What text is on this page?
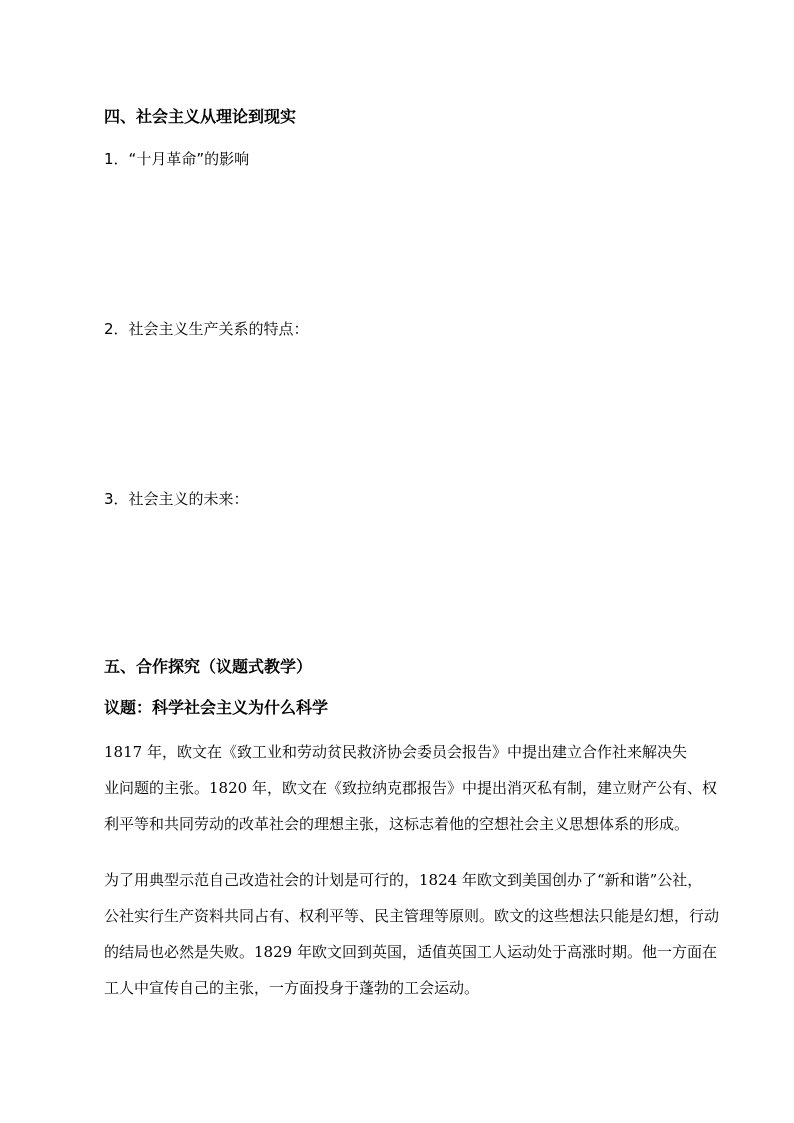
四、社会主义从理论到现实

1．“十月革命”的影响

2．社会主义生产关系的特点：

3．社会主义的未来：

五、合作探究（议题式教学）
议题：科学社会主义为什么科学
1817 年，欧文在《致工业和劳动贫民救济协会委员会报告》中提出建立合作社来解决失
业问题的主张。1820 年，欧文在《致拉纳克郡报告》中提出消灭私有制，建立财产公有、权
利平等和共同劳动的改革社会的理想主张，这标志着他的空想社会主义思想体系的形成。
为了用典型示范自己改造社会的计划是可行的，1824 年欧文到美国创办了“新和谐”公社，
公社实行生产资料共同占有、权利平等、民主管理等原则。欧文的这些想法只能是幻想，行动
的结局也必然是失败。1829 年欧文回到英国，适值英国工人运动处于高涨时期。他一方面在
工人中宣传自己的主张，一方面投身于蓬勃的工会运动。
